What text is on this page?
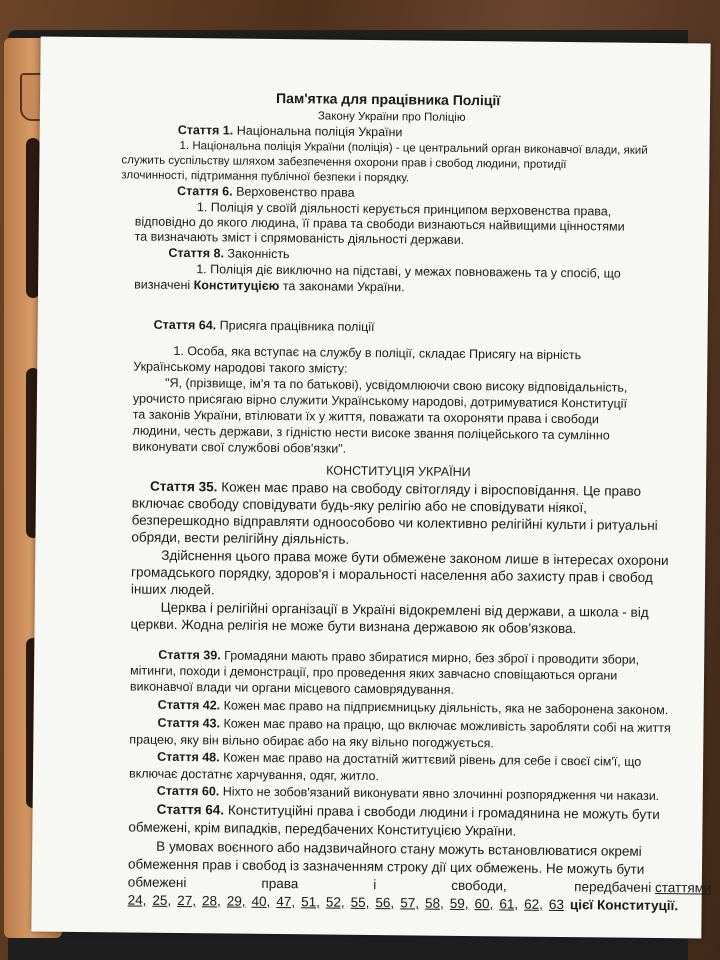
Пам'ятка для працівника Поліції
Закону України про Поліцію
Стаття 1. Національна поліція України
1. Національна поліція України (поліція) - це центральний орган виконавчої влади, який
служить суспільству шляхом забезпечення охорони прав і свобод людини, протидії
злочинності, підтримання публічної безпеки і порядку.
Стаття 6. Верховенство права
1. Поліція у своїй діяльності керується принципом верховенства права,
відповідно до якого людина, її права та свободи визнаються найвищими цінностями
та визначають зміст і спрямованість діяльності держави.
Стаття 8. Законність
1. Поліція діє виключно на підставі, у межах повноважень та у спосіб, що
визначені Конституцією та законами України.
Стаття 64. Присяга працівника поліції
1. Особа, яка вступає на службу в поліції, складає Присягу на вірність
Українському народові такого змісту:
"Я, (прізвище, ім'я та по батькові), усвідомлюючи свою високу відповідальність,
урочисто присягаю вірно служити Українському народові, дотримуватися Конституції
та законів України, втілювати їх у життя, поважати та охороняти права і свободи
людини, честь держави, з гідністю нести високе звання поліцейського та сумлінно
виконувати свої службові обов'язки".
КОНСТИТУЦІЯ УКРАЇНИ
Стаття 35. Кожен має право на свободу світогляду і віросповідання. Це право
включає свободу сповідувати будь-яку релігію або не сповідувати ніякої,
безперешкодно відправляти одноособово чи колективно релігійні культи і ритуальні
обряди, вести релігійну діяльність.
Здійснення цього права може бути обмежене законом лише в інтересах охорони
громадського порядку, здоров'я і моральності населення або захисту прав і свобод
інших людей.
Церква і релігійні організації в Україні відокремлені від держави, а школа - від
церкви. Жодна релігія не може бути визнана державою як обов'язкова.
Стаття 39. Громадяни мають право збиратися мирно, без зброї і проводити збори,
мітинги, походи і демонстрації, про проведення яких завчасно сповіщаються органи
виконавчої влади чи органи місцевого самоврядування.
Стаття 42. Кожен має право на підприємницьку діяльність, яка не заборонена законом.
Стаття 43. Кожен має право на працю, що включає можливість заробляти собі на життя
працею, яку він вільно обирає або на яку вільно погоджується.
Стаття 48. Кожен має право на достатній життєвий рівень для себе і своєї сім'ї, що
включає достатнє харчування, одяг, житло.
Стаття 60. Ніхто не зобов'язаний виконувати явно злочинні розпорядження чи накази.
Стаття 64. Конституційні права і свободи людини і громадянина не можуть бути
обмежені, крім випадків, передбачених Конституцією України.
В умовах воєнного або надзвичайного стану можуть встановлюватися окремі
обмеження прав і свобод із зазначенням строку дії цих обмежень. Не можуть бути
обмежені                    права                    і                    свободи,                  передбачені статтями
24, 25, 27, 28, 29, 40, 47, 51, 52, 55, 56, 57, 58, 59, 60, 61, 62, 63 цієї Конституції.
